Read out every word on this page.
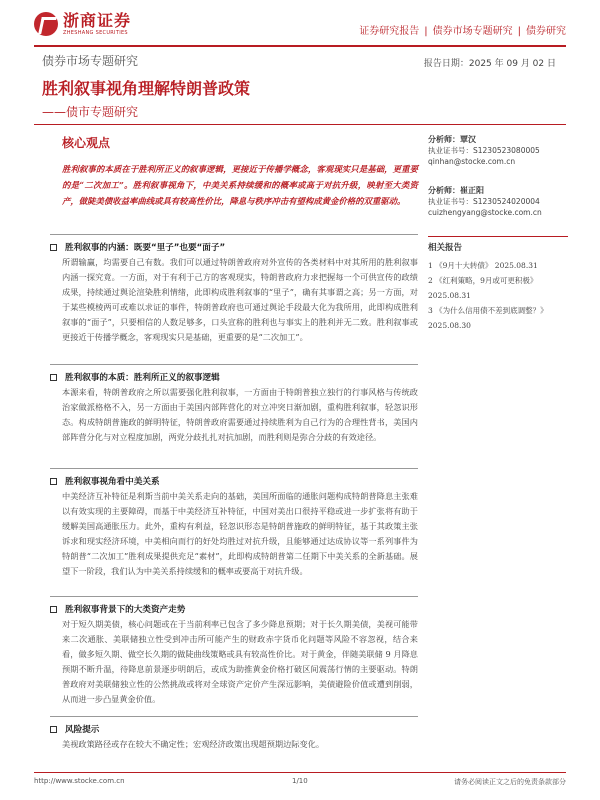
浙商证券
ZHESHANG SECURITIES	证券研究报告 | 债券市场专题研究 | 债券研究
债券市场专题研究	报告日期：2025 年 09 月 02 日
胜利叙事视角理解特朗普政策
——债市专题研究
核心观点
胜利叙事的本质在于胜利所正义的叙事逻辑，更接近于传播学概念，客观现实只是基础，更重要的是“二次加工”。胜利叙事视角下，中美关系持续缓和的概率或高于对抗升级，映射至大类资产，做陡美债收益率曲线或具有较高性价比，降息与秩序冲击有望构成黄金价格的双重驱动。
胜利叙事的内涵：既要“里子”也要“面子”
所谓输赢，均需要自己有数。我们可以通过特朗普政府对外宣传的各类材料中对其所用的胜利叙事内涵一探究竟。一方面，对于有利于己方的客观现实，特朗普政府力求把握每一个可供宣传的政绩成果，持续通过舆论渲染胜利情绪，此即构成胜利叙事的“里子”，确有其事谓之高；另一方面，对于某些模棱两可或难以求证的事件，特朗普政府也可通过舆论手段最大化为我所用，此即构成胜利叙事的“面子”，只要相信的人数足够多，口头宣称的胜利也与事实上的胜利并无二致。胜利叙事或更接近于传播学概念，客观现实只是基础，更重要的是“二次加工”。
胜利叙事的本质：胜利所正义的叙事逻辑
本源来看，特朗普政府之所以需要强化胜利叙事，一方面由于特朗普独立独行的行事风格与传统政治家做派格格不入，另一方面由于美国内部阵营化的对立冲突日渐加剧，重构胜利叙事，轻忽识形态。构成特朗普施政的鲜明特征，特朗普政府需要通过持续胜利为自己行为的合理性背书，美国内部阵营分化与对立程度加剧，两党分歧扎扎对抗加剧，而胜利则是弥合分歧的有效途径。
胜利叙事视角看中美关系
中美经济互补特征是利斯当前中美关系走向的基础，美国所面临的通胀问题构成特朗普降息主张难以有效实现的主要障碍，而基于中美经济互补特征，中国对美出口很持平稳或进一步扩张将有助于缓解美国高通胀压力。此外，重构有利益，轻忽识形态是特朗普施政的鲜明特征，基于其政策主张诉求和现实经济环境，中美相向而行的好处均胜过对抗升级，且能够通过达成协议等一系列事件为特朗普“二次加工”胜利成果提供充足“素材”，此即构成特朗普第二任期下中美关系的全新基础。展望下一阶段，我们认为中美关系持续缓和的概率或要高于对抗升级。
胜利叙事背景下的大类资产走势
对于短久期美债，核心问题或在于当前利率已包含了多少降息预期；对于长久期美债，美视可能带来二次通胀、美联储独立性受到冲击所可能产生的财政赤字货币化问题等风险不容忽视，结合来看，做多短久期、做空长久期的做陡曲线策略或具有较高性价比。对于黄金，伴随美联储 9 月降息预期不断升温，待降息前景逐步明朗后，或成为助推黄金价格打破区间震荡行情的主要驱动。特朗普政府对美联储独立性的公然挑战或将对全球资产定价产生深远影响，美债避险价值或遭到削弱，从而进一步凸显黄金价值。
风险提示
美视政策路径或存在较大不确定性；宏观经济政策出现超预期边际变化。
分析师：覃汉
执业证书号：S1230523080005
qinhan@stocke.com.cn
分析师：崔正阳
执业证书号：S1230524020004
cuizhengyang@stocke.com.cn
相关报告
1 《9月十大转债》 2025.08.31
2 《红利策略，9月或可更积极》 2025.08.31
3 《为什么信用债不差到底调整？》 2025.08.30
http://www.stocke.com.cn	1/10	请务必阅读正文之后的免责条款部分
